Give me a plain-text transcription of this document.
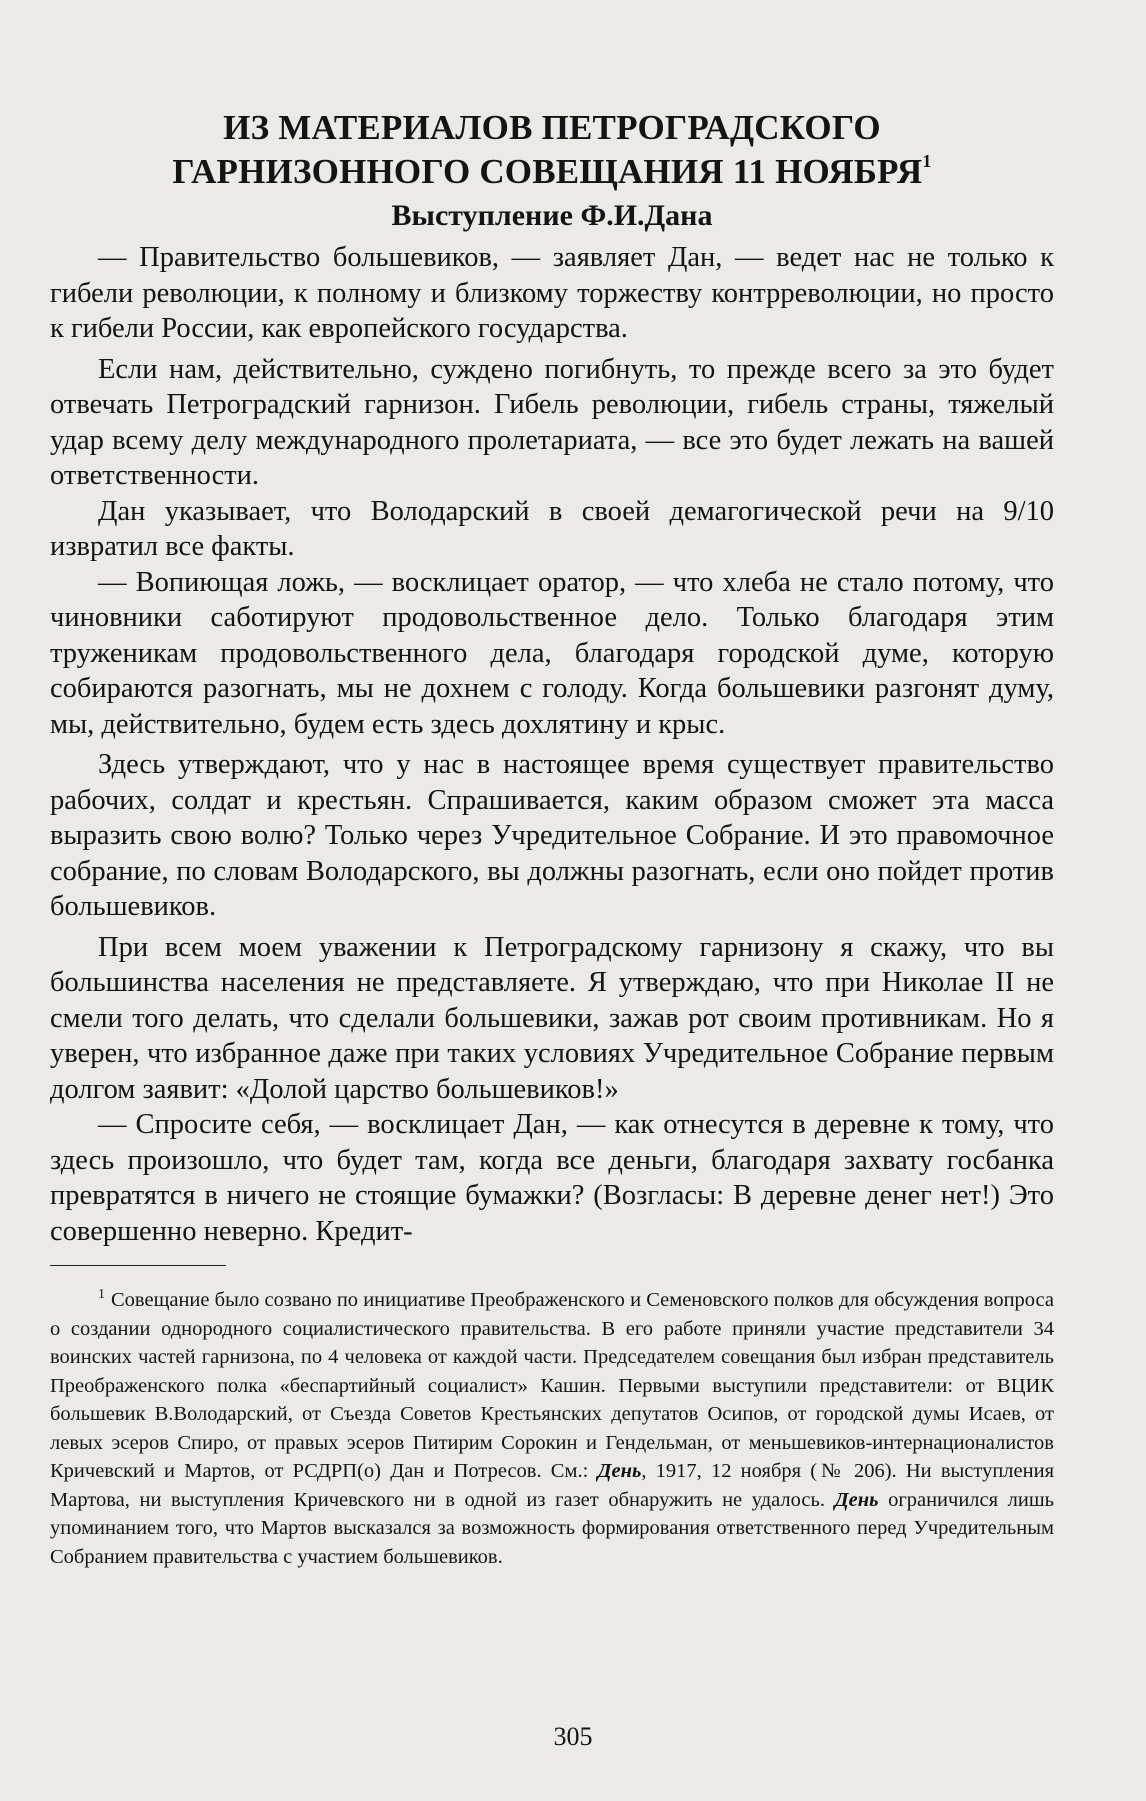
ИЗ МАТЕРИАЛОВ ПЕТРОГРАДСКОГО
ГАРНИЗОННОГО СОВЕЩАНИЯ 11 НОЯБРЯ$^1$
Выступление Ф.И.Дана

— Правительство большевиков, — заявляет Дан, — ведет нас не только к гибели революции, к полному и близкому торжеству контрреволюции, но просто к гибели России, как европейского государства.

Если нам, действительно, суждено погибнуть, то прежде всего за это будет отвечать Петроградский гарнизон. Гибель революции, гибель страны, тяжелый удар всему делу международного пролетариата, — все это будет лежать на вашей ответственности.

Дан указывает, что Володарский в своей демагогической речи на 9/10 извратил все факты.

— Вопиющая ложь, — восклицает оратор, — что хлеба не стало потому, что чиновники саботируют продовольственное дело. Только благодаря этим труженикам продовольственного дела, благодаря городской думе, которую собираются разогнать, мы не дохнем с голоду. Когда большевики разгонят думу, мы, действительно, будем есть здесь дохлятину и крыс.

Здесь утверждают, что у нас в настоящее время существует правительство рабочих, солдат и крестьян. Спрашивается, каким образом сможет эта масса выразить свою волю? Только через Учредительное Собрание. И это правомочное собрание, по словам Володарского, вы должны разогнать, если оно пойдет против большевиков.

При всем моем уважении к Петроградскому гарнизону я скажу, что вы большинства населения не представляете. Я утверждаю, что при Николае II не смели того делать, что сделали большевики, зажав рот своим противникам. Но я уверен, что избранное даже при таких условиях Учредительное Собрание первым долгом заявит: «Долой царство большевиков!»

— Спросите себя, — восклицает Дан, — как отнесутся в деревне к тому, что здесь произошло, что будет там, когда все деньги, благодаря захвату госбанка превратятся в ничего не стоящие бумажки? (Возгласы: В деревне денег нет!) Это совершенно неверно. Кредит-

$^1$ Совещание было созвано по инициативе Преображенского и Семеновского полков для обсуждения вопроса о создании однородного социалистического правительства. В его работе приняли участие представители 34 воинских частей гарнизона, по 4 человека от каждой части. Председателем совещания был избран представитель Преображенского полка «беспартийный социалист» Кашин. Первыми выступили представители: от ВЦИК большевик В.Володарский, от Съезда Советов Крестьянских депутатов Осипов, от городской думы Исаев, от левых эсеров Спиро, от правых эсеров Питирим Сорокин и Гендельман, от меньшевиков-интернационалистов Кричевский и Мартов, от РСДРП(о) Дан и Потресов. См.: День, 1917, 12 ноября (№ 206). Ни выступления Мартова, ни выступления Кричевского ни в одной из газет обнаружить не удалось. День ограничился лишь упоминанием того, что Мартов высказался за возможность формирования ответственного перед Учредительным Собранием правительства с участием большевиков.
305
